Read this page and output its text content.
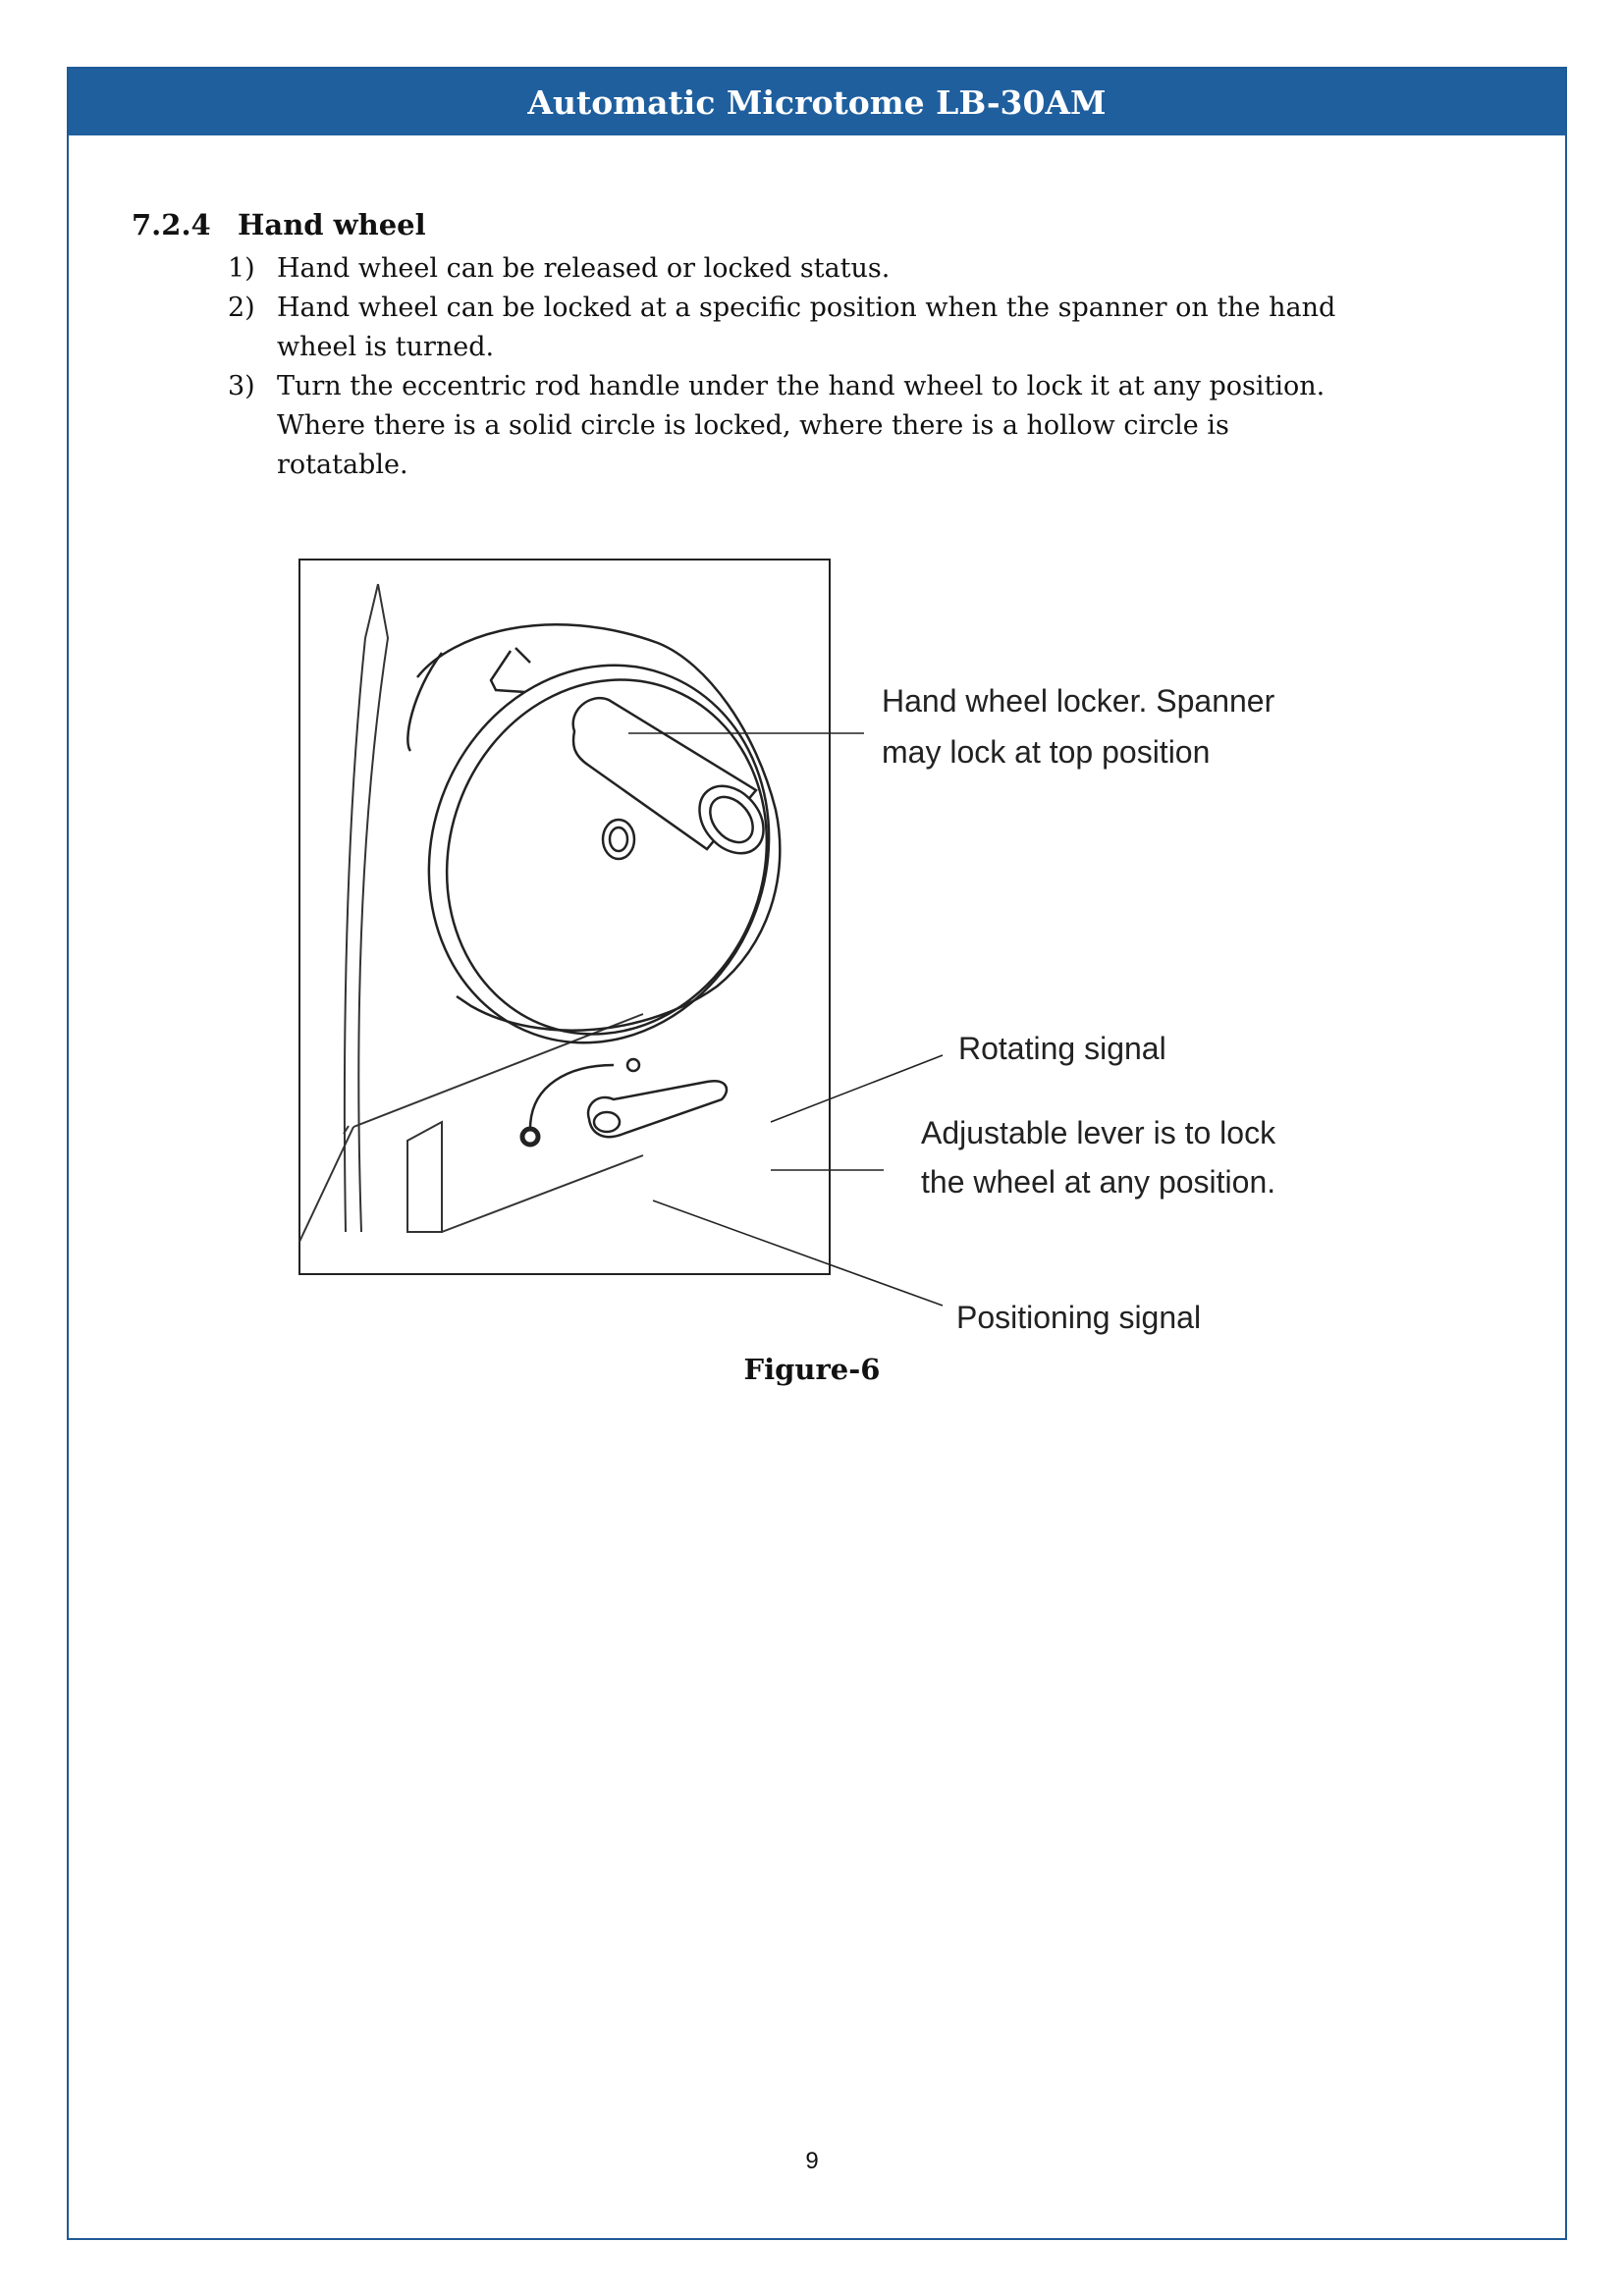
Automatic Microtome LB-30AM
7.2.4 Hand wheel
1) Hand wheel can be released or locked status.
2) Hand wheel can be locked at a specific position when the spanner on the hand wheel is turned.
3) Turn the eccentric rod handle under the hand wheel to lock it at any position. Where there is a solid circle is locked, where there is a hollow circle is rotatable.
Hand wheel locker. Spanner
may lock at top position
Rotating signal
Adjustable lever is to lock
the wheel at any position.
Positioning signal
Figure-6
9
